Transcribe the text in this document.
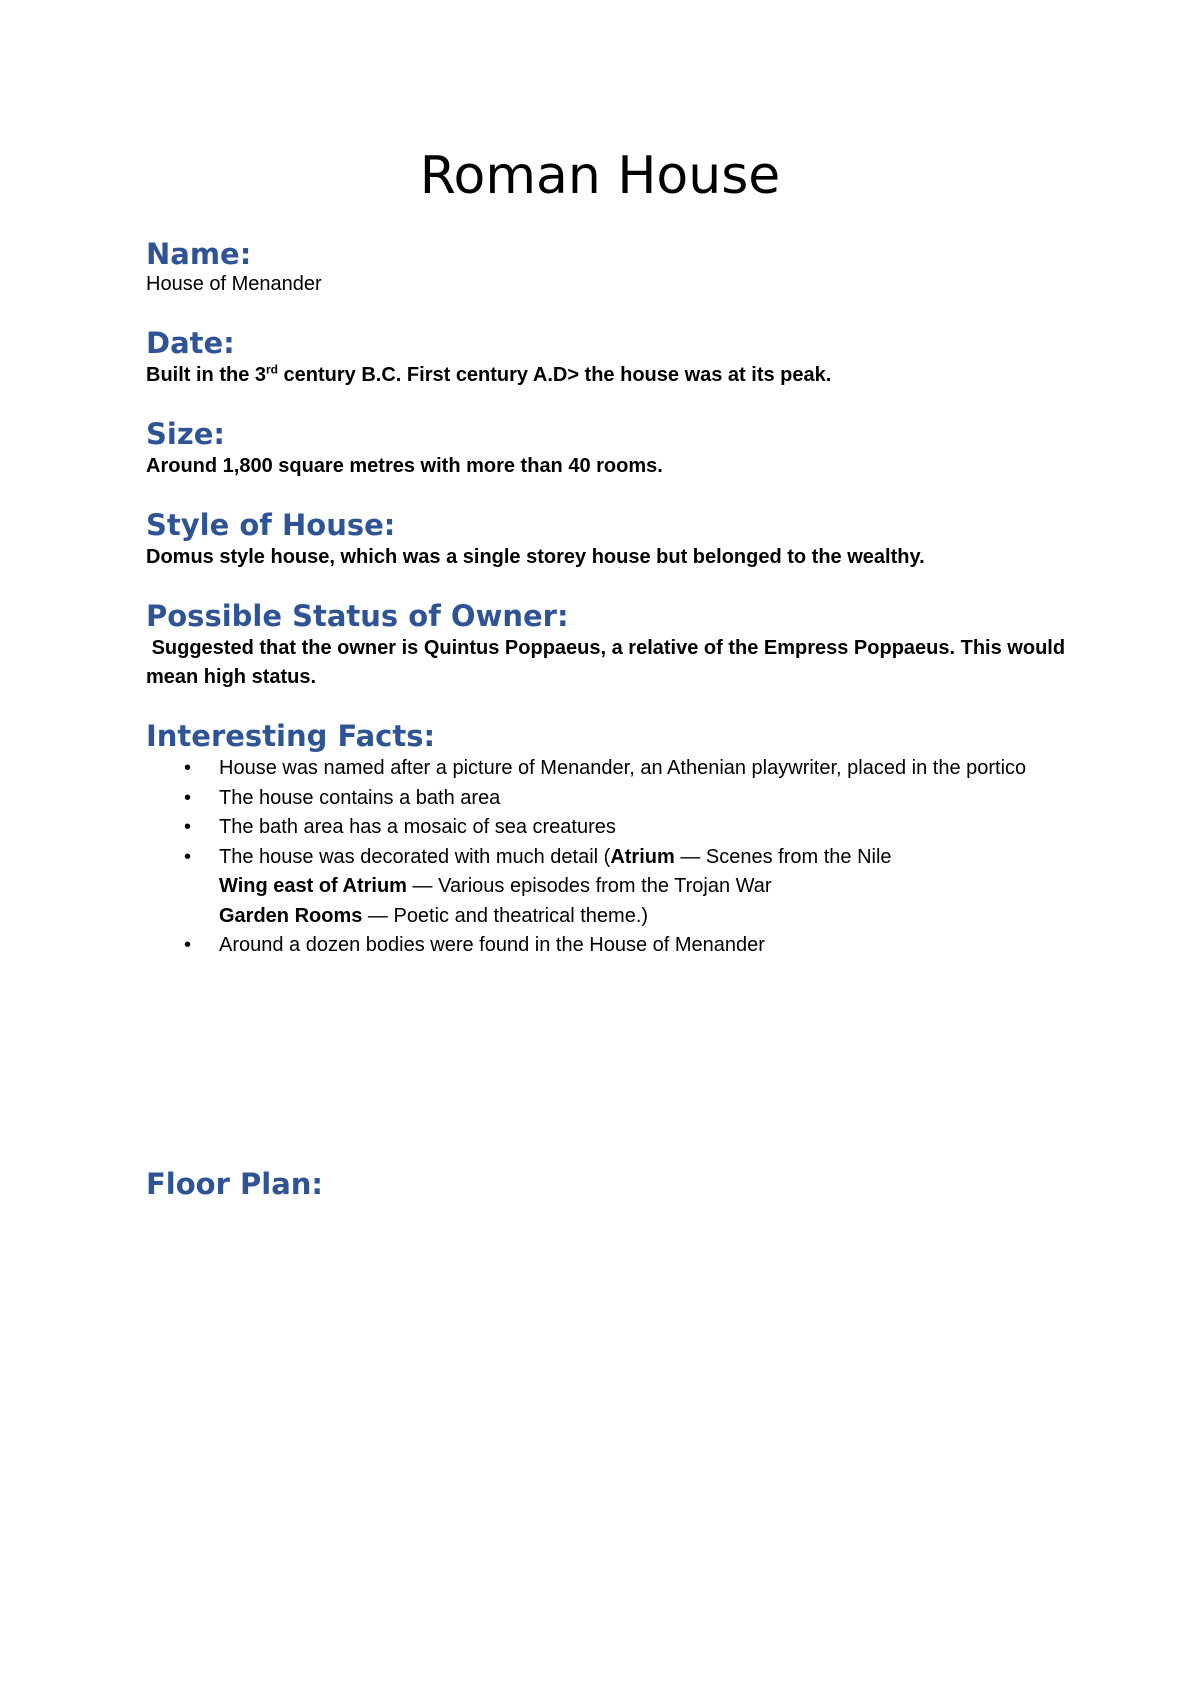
Roman House
Name:

House of Menander

Date:

Built in the 3rd century B.C. First century A.D> the house was at its peak.

Size:

Around 1,800 square metres with more than 40 rooms.

Style of House:

Domus style house, which was a single storey house but belonged to the wealthy.

Possible Status of Owner:

Suggested that the owner is Quintus Poppaeus, a relative of the Empress Poppaeus. This would mean high status.

Interesting Facts:
• House was named after a picture of Menander, an Athenian playwriter, placed in the portico
• The house contains a bath area
• The bath area has a mosaic of sea creatures
• The house was decorated with much detail (Atrium — Scenes from the Nile
Wing east of Atrium — Various episodes from the Trojan War
Garden Rooms — Poetic and theatrical theme.)
• Around a dozen bodies were found in the House of Menander
Floor Plan:
